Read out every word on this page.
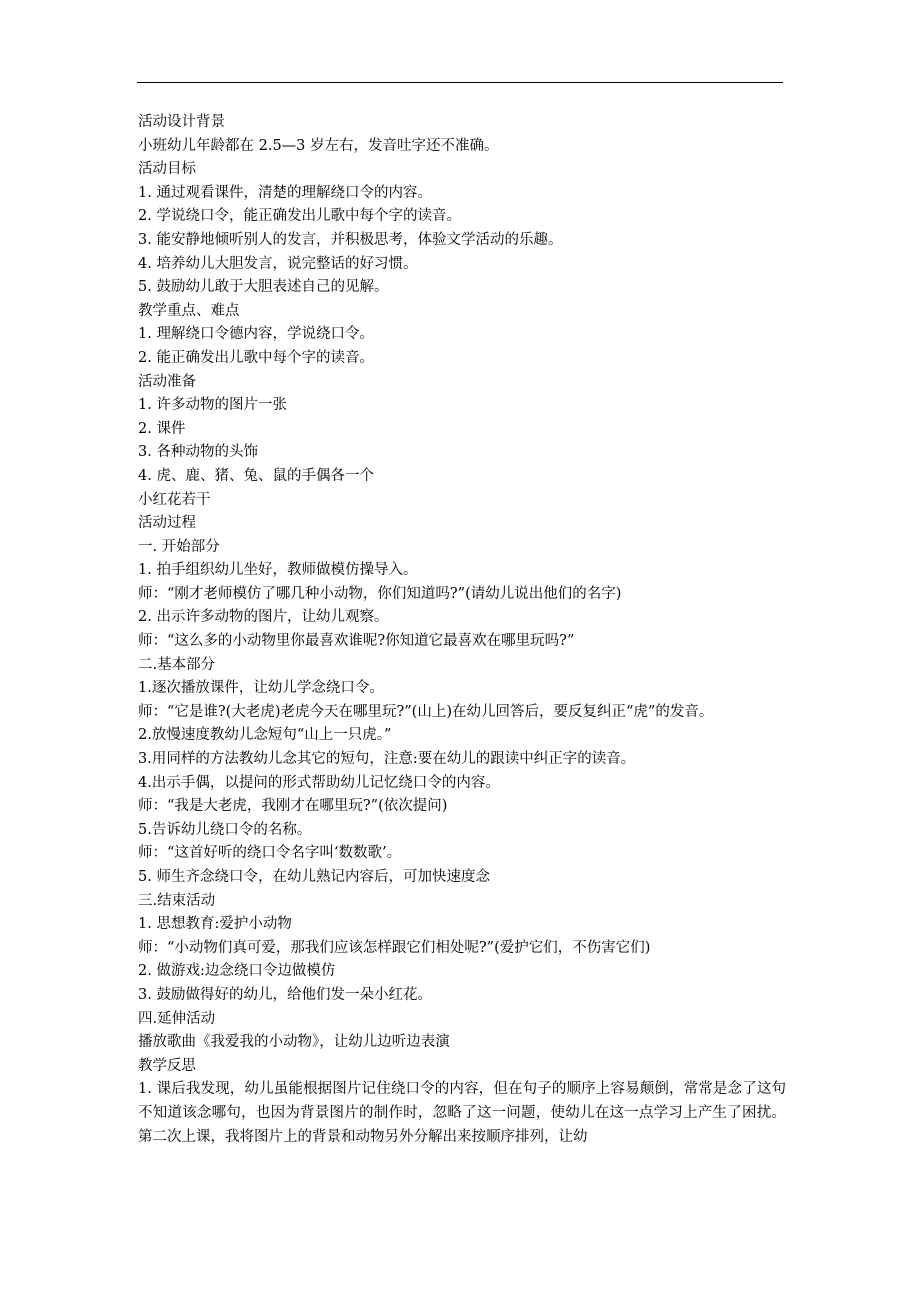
活动设计背景
小班幼儿年龄都在 2.5—3 岁左右，发音吐字还不准确。
活动目标
1. 通过观看课件，清楚的理解绕口令的内容。
2. 学说绕口令，能正确发出儿歌中每个字的读音。
3. 能安静地倾听别人的发言，并积极思考，体验文学活动的乐趣。
4. 培养幼儿大胆发言，说完整话的好习惯。
5. 鼓励幼儿敢于大胆表述自己的见解。
教学重点、难点
1. 理解绕口令德内容，学说绕口令。
2. 能正确发出儿歌中每个字的读音。
活动准备
1. 许多动物的图片一张
2. 课件
3. 各种动物的头饰
4. 虎、鹿、猪、兔、鼠的手偶各一个
小红花若干
活动过程
一. 开始部分
1. 拍手组织幼儿坐好，教师做模仿操导入。
师：“刚才老师模仿了哪几种小动物，你们知道吗?”(请幼儿说出他们的名字)
2. 出示许多动物的图片，让幼儿观察。
师：“这么多的小动物里你最喜欢谁呢?你知道它最喜欢在哪里玩吗?”
二.基本部分
1.逐次播放课件，让幼儿学念绕口令。
师：“它是谁?(大老虎)老虎今天在哪里玩?”(山上)在幼儿回答后，要反复纠正“虎”的发音。
2.放慢速度教幼儿念短句“山上一只虎。”
3.用同样的方法教幼儿念其它的短句，注意:要在幼儿的跟读中纠正字的读音。
4.出示手偶，以提问的形式帮助幼儿记忆绕口令的内容。
师：“我是大老虎，我刚才在哪里玩?”(依次提问)
5.告诉幼儿绕口令的名称。
师：“这首好听的绕口令名字叫‘数数歌’。
5. 师生齐念绕口令，在幼儿熟记内容后，可加快速度念
三.结束活动
1. 思想教育:爱护小动物
师：“小动物们真可爱，那我们应该怎样跟它们相处呢?”(爱护它们，不伤害它们)
2. 做游戏:边念绕口令边做模仿
3. 鼓励做得好的幼儿，给他们发一朵小红花。
四.延伸活动
播放歌曲《我爱我的小动物》，让幼儿边听边表演
教学反思
1. 课后我发现，幼儿虽能根据图片记住绕口令的内容，但在句子的顺序上容易颠倒，常常是念了这句不知道该念哪句，也因为背景图片的制作时，忽略了这一问题，使幼儿在这一点学习上产生了困扰。第二次上课，我将图片上的背景和动物另外分解出来按顺序排列，让幼
